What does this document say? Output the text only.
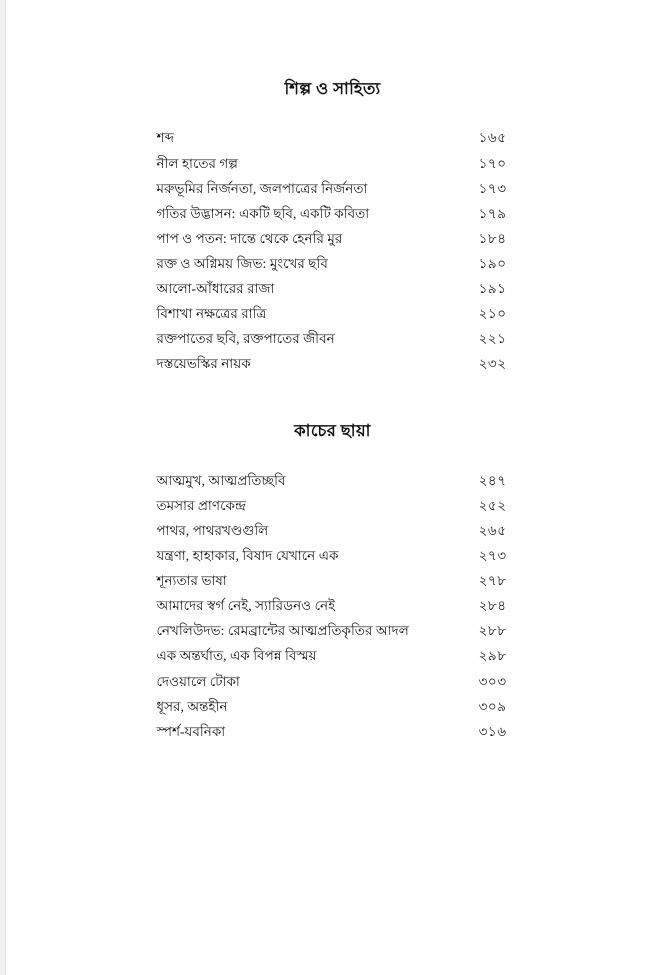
শিল্প ও সাহিত্য
শব্দ	১৬৫
নীল হাতের গল্প	১৭০
মরুভূমির নির্জনতা, জলপাত্রের নির্জনতা	১৭৩
গতির উদ্ভাসন: একটি ছবি, একটি কবিতা	১৭৯
পাপ ও পতন: দান্তে থেকে হেনরি মুর	১৮৪
রক্ত ও অগ্নিময় জিভ: মুংখের ছবি	১৯০
আলো-আঁধারের রাজা	১৯১
বিশাখা নক্ষত্রের রাত্রি	২১০
রক্তপাতের ছবি, রক্তপাতের জীবন	২২১
দস্তয়েভস্কির নায়ক	২৩২
কাচের ছায়া
আত্মমুখ, আত্মপ্রতিচ্ছবি	২৪৭
তমসার প্রাণকেন্দ্র	২৫২
পাথর, পাথরখণ্ডগুলি	২৬৫
যন্ত্রণা, হাহাকার, বিষাদ যেখানে এক	২৭৩
শূন্যতার ভাষা	২৭৮
আমাদের স্বর্গ নেই, স্যারিডনও নেই	২৮৪
নেখলিউদভ: রেমব্রান্টের আত্মপ্রতিকৃতির আদল	২৮৮
এক অন্তর্ঘাত, এক বিপন্ন বিস্ময়	২৯৮
দেওয়ালে টোকা	৩০৩
ধূসর, অন্তহীন	৩০৯
স্পর্শ-যবনিকা	৩১৬
